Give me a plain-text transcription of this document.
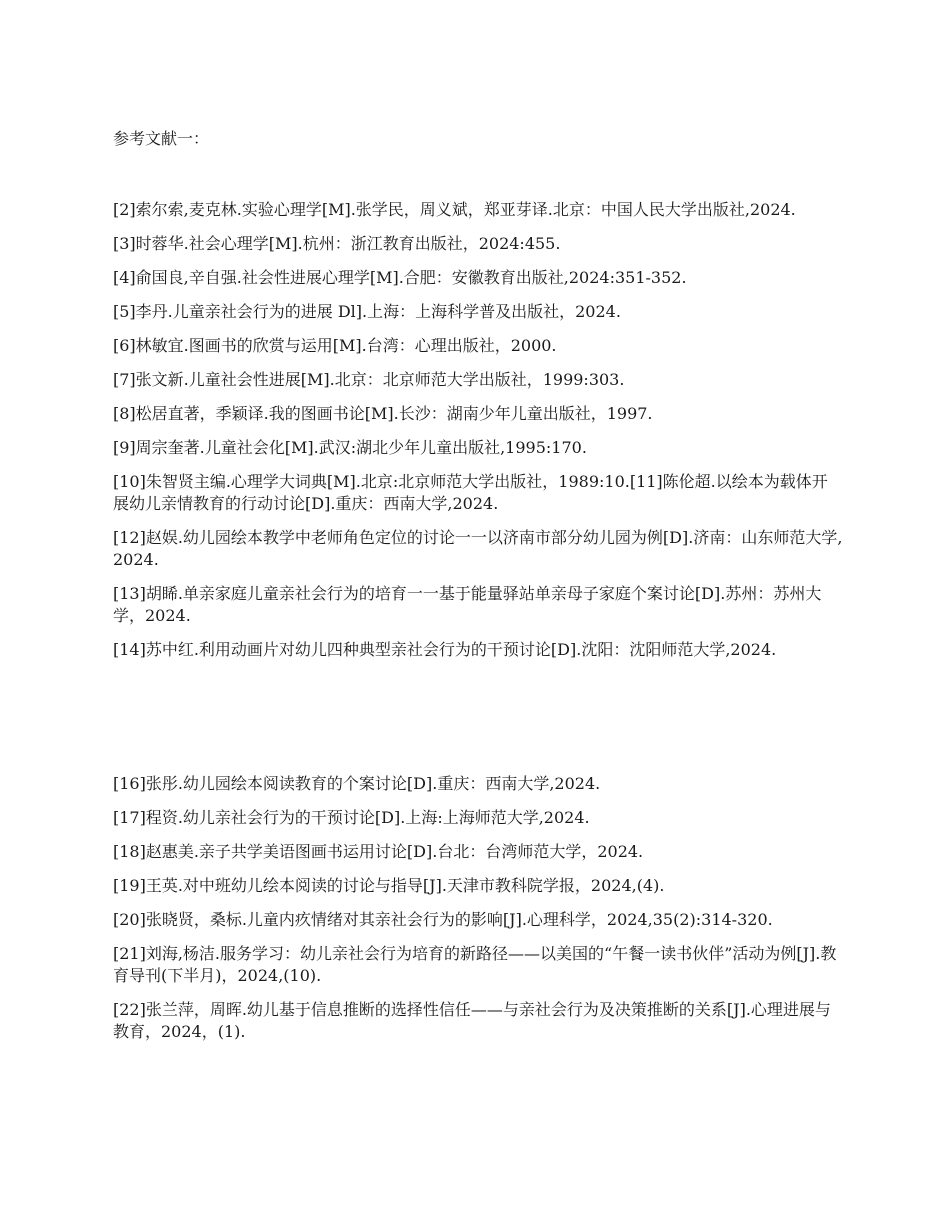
参考文献一：

[2]索尔索,麦克林.实验心理学[M].张学民，周义斌，郑亚芽译.北京：中国人民大学出版社,2024.

[3]时蓉华.社会心理学[M].杭州：浙江教育出版社，2024:455.

[4]俞国良,辛自强.社会性进展心理学[M].合肥：安徽教育出版社,2024:351-352.

[5]李丹.儿童亲社会行为的进展 Dl].上海：上海科学普及出版社，2024.

[6]林敏宜.图画书的欣赏与运用[M].台湾：心理出版社，2000.

[7]张文新.儿童社会性进展[M].北京：北京师范大学出版社，1999:303.

[8]松居直著，季颖译.我的图画书论[M].长沙：湖南少年儿童出版社，1997.

[9]周宗奎著.儿童社会化[M].武汉:湖北少年儿童出版社,1995:170.

[10]朱智贤主编.心理学大词典[M].北京:北京师范大学出版社，1989:10.[11]陈伦超.以绘本为载体开展幼儿亲情教育的行动讨论[D].重庆：西南大学,2024.

[12]赵娱.幼儿园绘本教学中老师角色定位的讨论一一以济南市部分幼儿园为例[D].济南：山东师范大学,2024.

[13]胡睎.单亲家庭儿童亲社会行为的培育一一基于能量驿站单亲母子家庭个案讨论[D].苏州：苏州大学，2024.

[14]苏中红.利用动画片对幼儿四种典型亲社会行为的干预讨论[D].沈阳：沈阳师范大学,2024.

[16]张彤.幼儿园绘本阅读教育的个案讨论[D].重庆：西南大学,2024.

[17]程资.幼儿亲社会行为的干预讨论[D].上海:上海师范大学,2024.

[18]赵惠美.亲子共学美语图画书运用讨论[D].台北：台湾师范大学，2024.

[19]王英.对中班幼儿绘本阅读的讨论与指导[J].天津市教科院学报，2024,(4).

[20]张晓贤，桑标.儿童内疚情绪对其亲社会行为的影响[J].心理科学，2024,35(2):314-320.

[21]刘海,杨洁.服务学习：幼儿亲社会行为培育的新路径——以美国的“午餐一读书伙伴”活动为例[J].教育导刊(下半月)，2024,(10).

[22]张兰萍，周晖.幼儿基于信息推断的选择性信任——与亲社会行为及决策推断的关系[J].心理进展与教育，2024，(1).
